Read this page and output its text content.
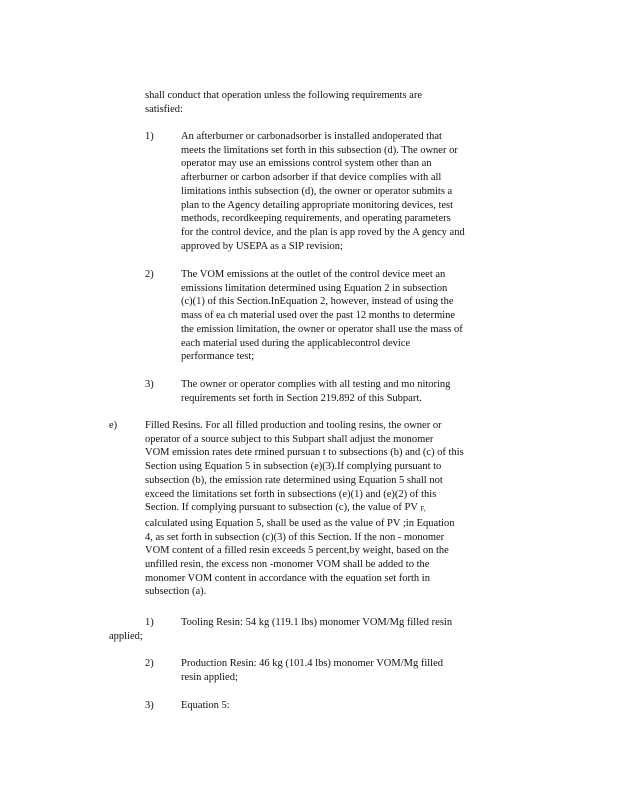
shall conduct that operation unless the following requirements are
satisfied:
1)	An afterburner or carbonadsorber is installed andoperated that
meets the limitations set forth in this subsection (d). The owner or
operator may use an emissions control system other than an
afterburner or carbon adsorber if that device complies with all
limitations inthis subsection (d), the owner or operator submits a
plan to the Agency detailing appropriate monitoring devices, test
methods, recordkeeping requirements, and operating parameters
for the control device, and the plan is app roved by the A gency and
approved by USEPA as a SIP revision;
2)	The VOM emissions at the outlet of the control device meet an
emissions limitation determined using Equation 2 in subsection
(c)(1) of this Section.InEquation 2, however, instead of using the
mass of ea ch material used over the past 12 months to determine
the emission limitation, the owner or operator shall use the mass of
each material used during the applicablecontrol device
performance test;
3)	The owner or operator complies with all testing and mo nitoring
requirements set forth in Section 219.892 of this Subpart.
e)	Filled Resins. For all filled production and tooling resins, the owner or
operator of a source subject to this Subpart shall adjust the monomer
VOM emission rates dete rmined pursuan t to subsections (b) and (c) of this
Section using Equation 5 in subsection (e)(3).If complying pursuant to
subsection (b), the emission rate determined using Equation 5 shall not
exceed the limitations set forth in subsections (e)(1) and (e)(2) of this
Section. If complying pursuant to subsection (c), the value of PV F,
calculated using Equation 5, shall be used as the value of PV ;in Equation
4, as set forth in subsection (c)(3) of this Section. If the non - monomer
VOM content of a filled resin exceeds 5 percent,by weight, based on the
unfilled resin, the excess non -monomer VOM shall be added to the
monomer VOM content in accordance with the equation set forth in
subsection (a).
1)	Tooling Resin: 54 kg (119.1 lbs) monomer VOM/Mg filled resin
applied;
2)	Production Resin: 46 kg (101.4 lbs) monomer VOM/Mg filled
resin applied;
3)	Equation 5:
